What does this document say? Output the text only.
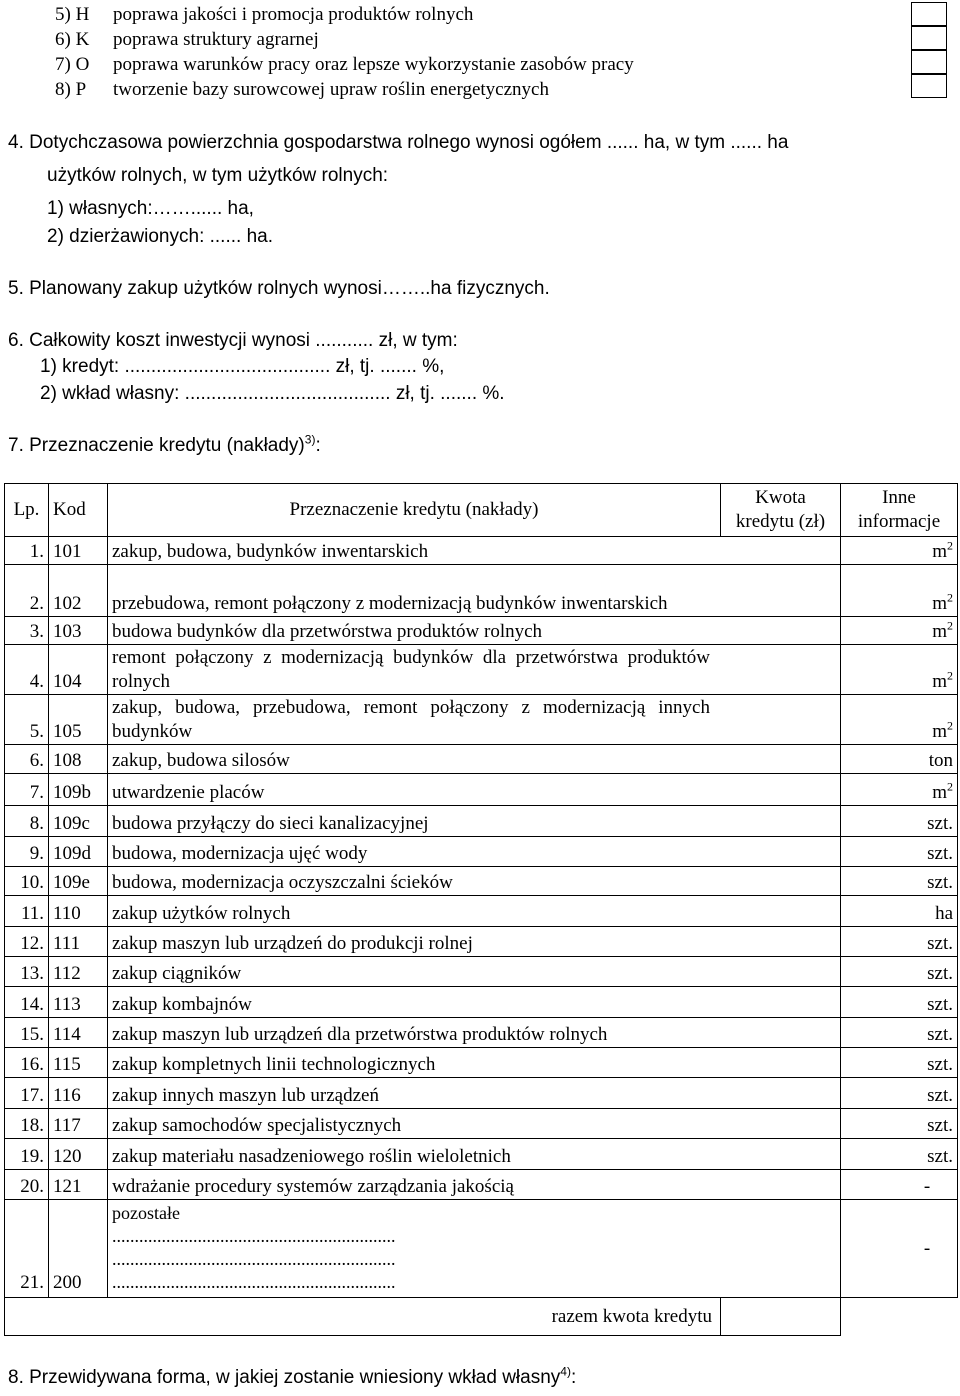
5) H	poprawa jakości i promocja produktów rolnych
6) K	poprawa struktury agrarnej
7) O	poprawa warunków pracy oraz lepsze wykorzystanie zasobów pracy
8) P	tworzenie bazy surowcowej upraw roślin energetycznych
4. Dotychczasowa powierzchnia gospodarstwa rolnego wynosi ogółem ...... ha, w tym ...... ha
użytków rolnych, w tym użytków rolnych:
1) własnych:……...... ha,
2) dzierżawionych: ...... ha.
5. Planowany zakup użytków rolnych wynosi……..ha fizycznych.
6. Całkowity koszt inwestycji wynosi ........... zł, w tym:
1) kredyt: ....................................... zł, tj. ....... %,
2) wkład własny: ....................................... zł, tj. ....... %.
7. Przeznaczenie kredytu (nakłady)$^{3)}$:
Lp.	Kod	Przeznaczenie kredytu (nakłady)	Kwota kredytu (zł)	Inne informacje
1.	101	zakup, budowa, budynków inwentarskich		$m^2$
2.	102	przebudowa, remont połączony z modernizacją budynków inwentarskich		$m^2$
3.	103	budowa budynków dla przetwórstwa produktów rolnych		$m^2$
4.	104	remont połączony z modernizacją budynków dla przetwórstwa produktów rolnych		$m^2$
5.	105	zakup, budowa, przebudowa, remont połączony z modernizacją innych budynków		$m^2$
6.	108	zakup, budowa silosów		ton
7.	109b	utwardzenie placów		$m^2$
8.	109c	budowa przyłączy do sieci kanalizacyjnej		szt.
9.	109d	budowa, modernizacja ujęć wody		szt.
10.	109e	budowa, modernizacja oczyszczalni ścieków		szt.
11.	110	zakup użytków rolnych		ha
12.	111	zakup maszyn lub urządzeń do produkcji rolnej		szt.
13.	112	zakup ciągników		szt.
14.	113	zakup kombajnów		szt.
15.	114	zakup maszyn lub urządzeń dla przetwórstwa produktów rolnych		szt.
16.	115	zakup kompletnych linii technologicznych		szt.
17.	116	zakup innych maszyn lub urządzeń		szt.
18.	117	zakup samochodów specjalistycznych		szt.
19.	120	zakup materiału nasadzeniowego roślin wieloletnich		szt.
20.	121	wdrażanie procedury systemów zarządzania jakością		-
21.	200	pozostałe
...............................................................
...............................................................
...............................................................		-
razem kwota kredytu				
8. Przewidywana forma, w jakiej zostanie wniesiony wkład własny$^{4)}$:
